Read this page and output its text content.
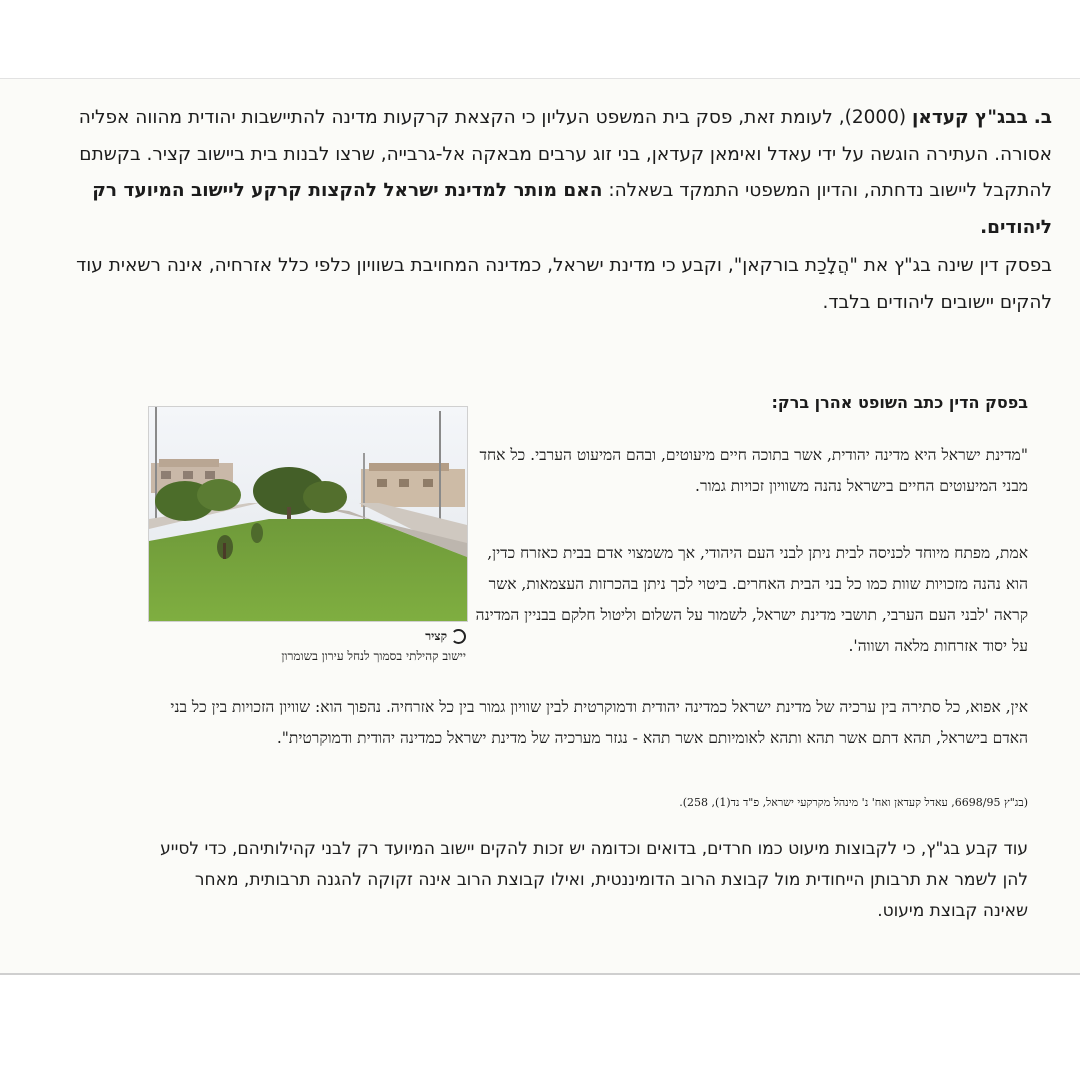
ב. בבג"ץ קעדאן (2000), לעומת זאת, פסק בית המשפט העליון כי הקצאת קרקעות מדינה להתיישבות יהודית מהווה אפליה אסורה. העתירה הוגשה על ידי עאדל ואימאן קעדאן, בני זוג ערבים מבאקה אל-גרבייה, שרצו לבנות בית ביישוב קציר. בקשתם להתקבל ליישוב נדחתה, והדיון המשפטי התמקד בשאלה: האם מותר למדינת ישראל להקצות קרקע ליישוב המיועד רק ליהודים.

בפסק דין שינה בג"ץ את "הֲלָכַת בורקאן", וקבע כי מדינת ישראל, כמדינה המחויבת בשוויון כלפי כלל אזרחיה, אינה רשאית עוד להקים יישובים ליהודים בלבד.

בפסק הדין כתב השופט אהרן ברק:

"מדינת ישראל היא מדינה יהודית, אשר בתוכה חיים מיעוטים, ובהם המיעוט הערבי. כל אחד מבני המיעוטים החיים בישראל נהנה משוויון זכויות גמור.

אמת, מפתח מיוחד לכניסה לבית ניתן לבני העם היהודי, אך משמצוי אדם בבית כאזרח כדין, הוא נהנה מזכויות שוות כמו כל בני הבית האחרים. ביטוי לכך ניתן בהכרזות העצמאות, אשר קראה 'לבני העם הערבי, תושבי מדינת ישראל, לשמור על השלום וליטול חלקם בבניין המדינה על יסוד אזרחות מלאה ושווה'.

אין, אפוא, כל סתירה בין ערכיה של מדינת ישראל כמדינה יהודית ודמוקרטית לבין שוויון גמור בין כל אזרחיה. נהפוך הוא: שוויון הזכויות בין כל בני האדם בישראל, תהא דתם אשר תהא ותהא לאומיותם אשר תהא - נגזר מערכיה של מדינת ישראל כמדינה יהודית ודמוקרטית".

(בג"ץ 6698/95, עאדל קעדאן ואח' נ' מינהל מקרקעי ישראל, פ"ד נד(1), 258).

קציר
יישוב קהילתי בסמוך לנחל עירון בשומרון

עוד קבע בג"ץ, כי לקבוצות מיעוט כמו חרדים, בדואים וכדומה יש זכות להקים יישוב המיועד רק לבני קהילותיהם, כדי לסייע להן לשמר את תרבותן הייחודית מול קבוצת הרוב הדומיננטית, ואילו קבוצת הרוב אינה זקוקה להגנה תרבותית, מאחר שאינה קבוצת מיעוט.
